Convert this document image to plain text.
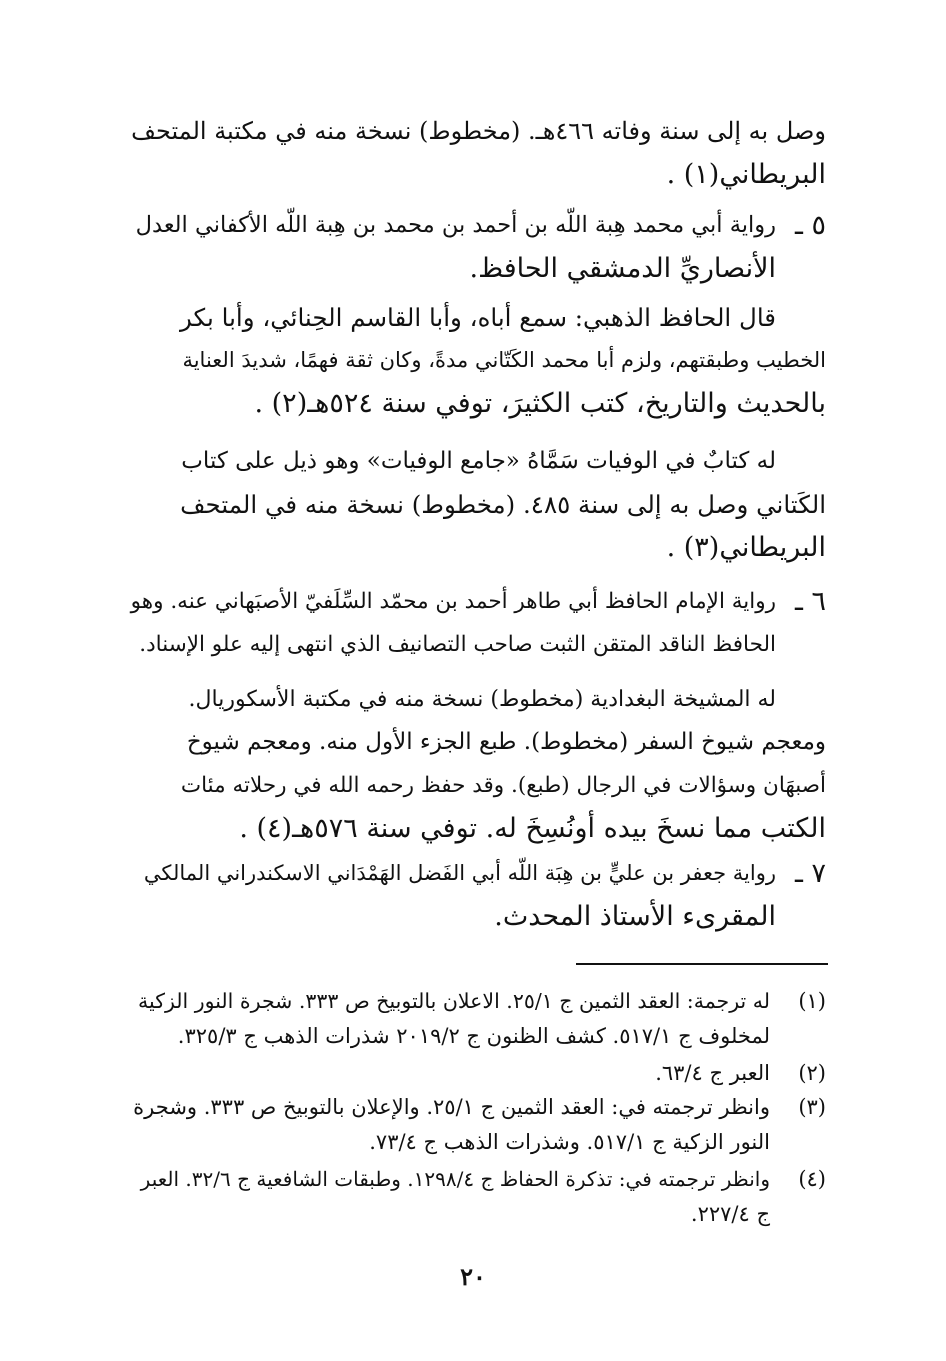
وصل به إلى سنة وفاته ٤٦٦هـ. (مخطوط) نسخة منه في مكتبة المتحف
البريطاني(١) .
٥ ـ
رواية أبي محمد هِبة اللّه بن أحمد بن محمد بن هِبة اللّه الأكفاني العدل
الأنصاريِّ الدمشقي الحافظ.
قال الحافظ الذهبي: سمع أباه، وأبا القاسم الحِنائي، وأبا بكر
الخطيب وطبقتهم، ولزم أبا محمد الكَتّاني مدةً، وكان ثقة فهمًا، شديدَ العناية
بالحديث والتاريخ، كتب الكثيرَ، توفي سنة ٥٢٤هـ(٢) .
له كتابٌ في الوفيات سَمَّاهُ «جامع الوفيات» وهو ذيل على كتاب
الكَتاني وصل به إلى سنة ٤٨٥. (مخطوط) نسخة منه في المتحف
البريطاني(٣) .
٦ ـ
رواية الإمام الحافظ أبي طاهر أحمد بن محمّد السِّلَفيّ الأصبَهاني عنه. وهو
الحافظ الناقد المتقن الثبت صاحب التصانيف الذي انتهى إليه علو الإسناد.
له المشيخة البغدادية (مخطوط) نسخة منه في مكتبة الأسكوريال.
ومعجم شيوخ السفر (مخطوط). طبع الجزء الأول منه. ومعجم شيوخ
أصبهَان وسؤالات في الرجال (طبع). وقد حفظ رحمه الله في رحلاته مئات
الكتب مما نسخَ بيده أونُسِخَ له. توفي سنة ٥٧٦هـ(٤) .
٧ ـ
رواية جعفر بن عليٍّ بن هِبَة اللّه أبي الفَضل الهَمْدَاني الاسكندراني المالكي
المقرىء الأستاذ المحدث.
(١)
له ترجمة: العقد الثمين ج ٢٥/١. الاعلان بالتوبيخ ص ٣٣٣. شجرة النور الزكية
لمخلوف ج ٥١٧/١. كشف الظنون ج ٢٠١٩/٢ شذرات الذهب ج ٣٢٥/٣.
(٢)
العبر ج ٦٣/٤.
(٣)
وانظر ترجمته في: العقد الثمين ج ٢٥/١. والإعلان بالتوبيخ ص ٣٣٣. وشجرة
النور الزكية ج ٥١٧/١. وشذرات الذهب ج ٧٣/٤.
(٤)
وانظر ترجمته في: تذكرة الحفاظ ج ١٢٩٨/٤. وطبقات الشافعية ج ٣٢/٦. العبر
ج ٢٢٧/٤.
٢٠
